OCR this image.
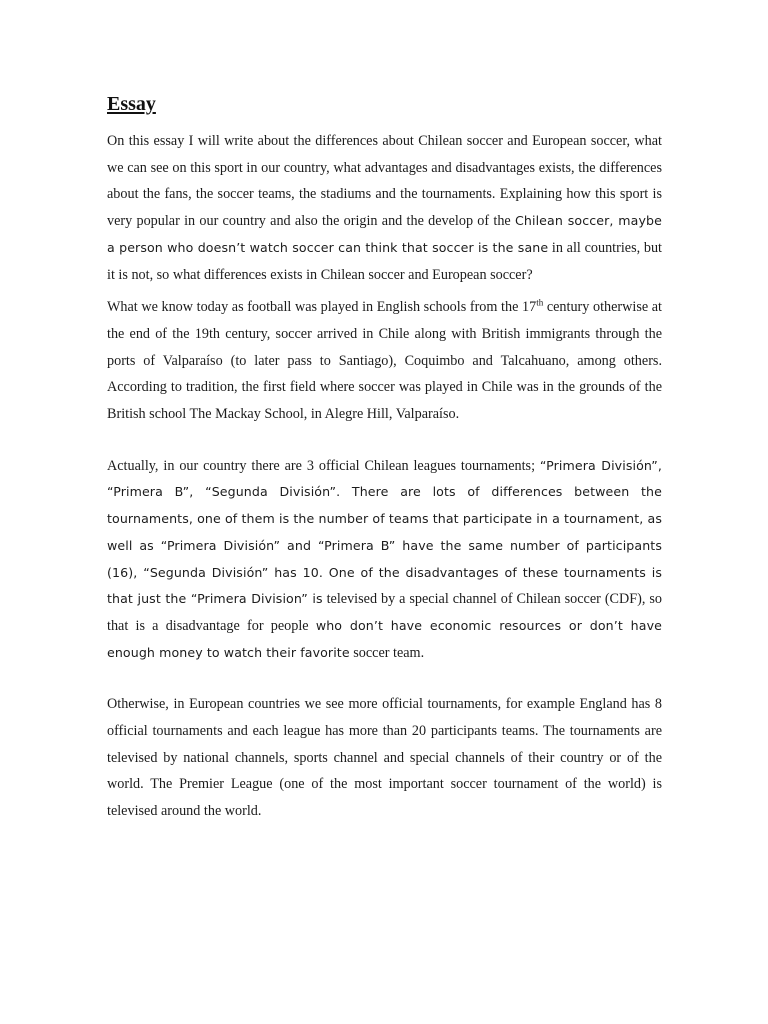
Essay

On this essay I will write about the differences about Chilean soccer and European soccer, what we can see on this sport in our country, what advantages and disadvantages exists, the differences about the fans, the soccer teams, the stadiums and the tournaments. Explaining how this sport is very popular in our country and also the origin and the develop of the Chilean soccer, maybe a person who doesn’t watch soccer can think that soccer is the sane in all countries, but it is not, so what differences exists in Chilean soccer and European soccer?

What we know today as football was played in English schools from the 17th century otherwise at the end of the 19th century, soccer arrived in Chile along with British immigrants through the ports of Valparaíso (to later pass to Santiago), Coquimbo and Talcahuano, among others. According to tradition, the first field where soccer was played in Chile was in the grounds of the British school The Mackay School, in Alegre Hill, Valparaíso.

Actually, in our country there are 3 official Chilean leagues tournaments; “Primera División”, “Primera B”, “Segunda División”. There are lots of differences between the tournaments, one of them is the number of teams that participate in a tournament, as well as “Primera División” and “Primera B” have the same number of participants (16), “Segunda División” has 10. One of the disadvantages of these tournaments is that just the “Primera Division” is televised by a special channel of Chilean soccer (CDF), so that is a disadvantage for people who don’t have economic resources or don’t have enough money to watch their favorite soccer team.

Otherwise, in European countries we see more official tournaments, for example England has 8 official tournaments and each league has more than 20 participants teams. The tournaments are televised by national channels, sports channel and special channels of their country or of the world. The Premier League (one of the most important soccer tournament of the world) is televised around the world.
